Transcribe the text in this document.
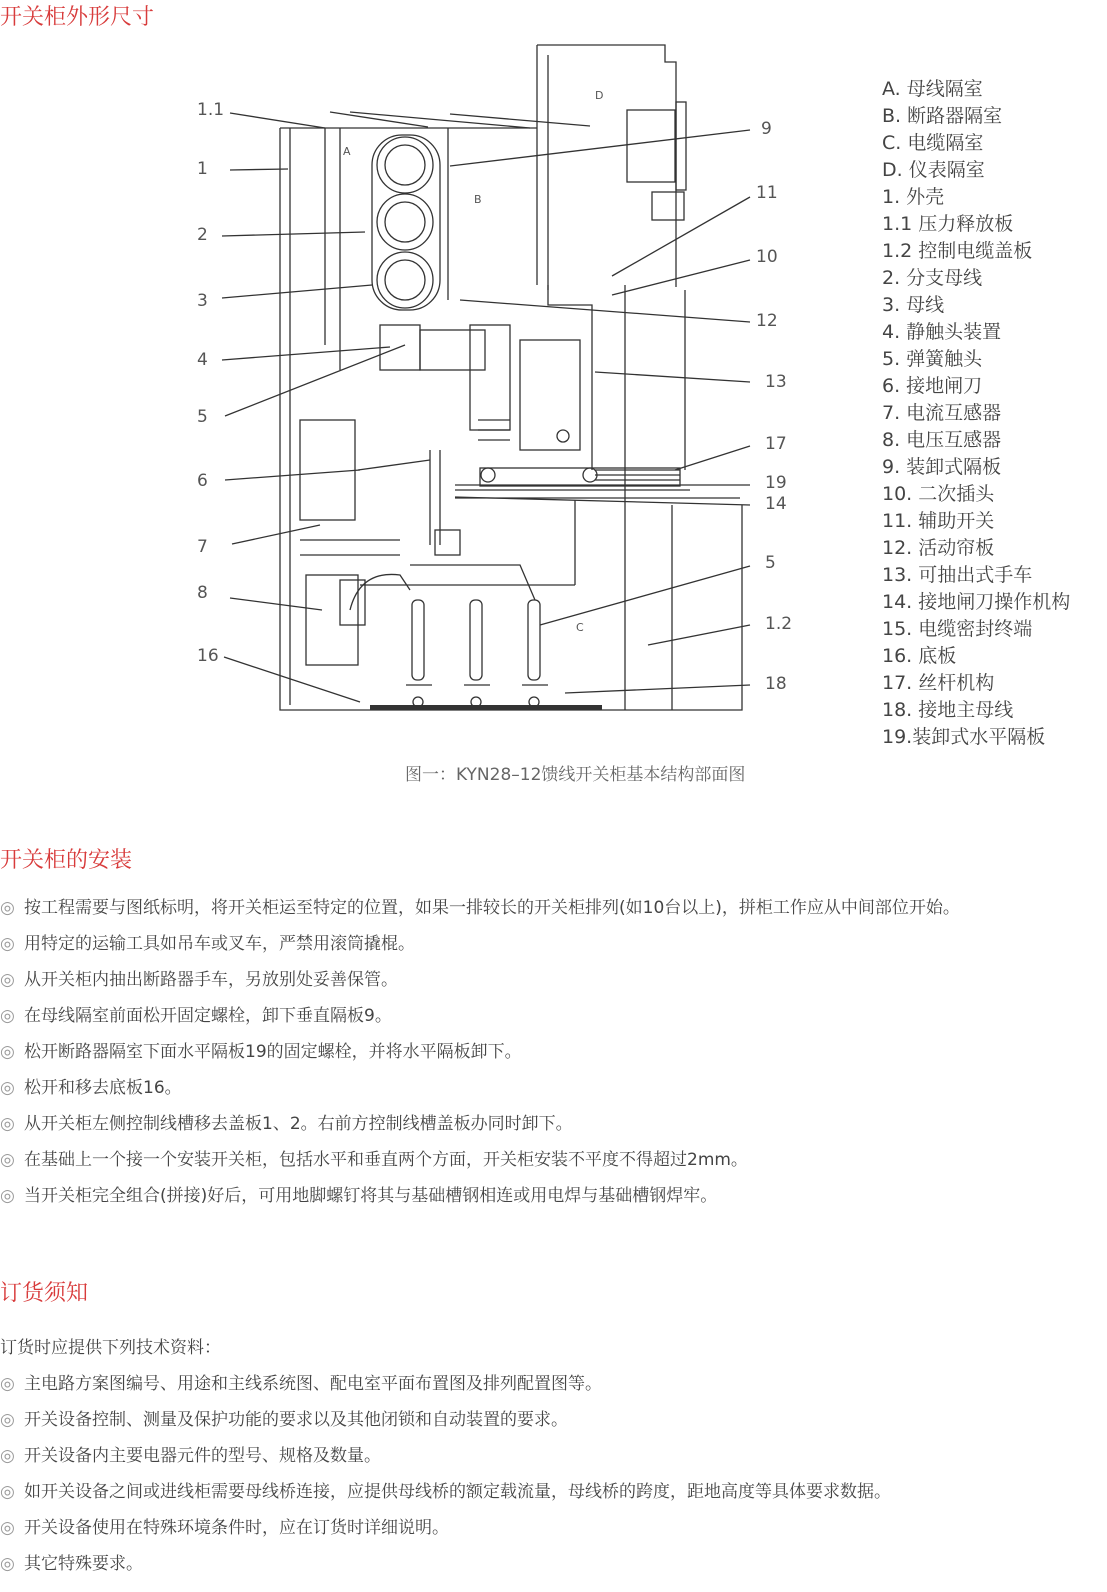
开关柜外形尺寸
A
B
C
D
1.1
1
2
3
4
5
6
7
8
16
9
11
10
12
13
17
19
14
5
1.2
18
A. 母线隔室
B. 断路器隔室
C. 电缆隔室
D. 仪表隔室
1. 外壳
1.1 压力释放板
1.2 控制电缆盖板
2. 分支母线
3. 母线
4. 静触头装置
5. 弹簧触头
6. 接地闸刀
7. 电流互感器
8. 电压互感器
9. 装卸式隔板
10. 二次插头
11. 辅助开关
12. 活动帘板
13. 可抽出式手车
14. 接地闸刀操作机构
15. 电缆密封终端
16. 底板
17. 丝杆机构
18. 接地主母线
19.装卸式水平隔板
图一：KYN28–12馈线开关柜基本结构部面图
开关柜的安装
◎ 按工程需要与图纸标明，将开关柜运至特定的位置，如果一排较长的开关柜排列(如10台以上)，拼柜工作应从中间部位开始。
◎ 用特定的运输工具如吊车或叉车，严禁用滚筒撬棍。
◎ 从开关柜内抽出断路器手车，另放别处妥善保管。
◎ 在母线隔室前面松开固定螺栓，卸下垂直隔板9。
◎ 松开断路器隔室下面水平隔板19的固定螺栓，并将水平隔板卸下。
◎ 松开和移去底板16。
◎ 从开关柜左侧控制线槽移去盖板1、2。右前方控制线槽盖板办同时卸下。
◎ 在基础上一个接一个安装开关柜，包括水平和垂直两个方面，开关柜安装不平度不得超过2mm。
◎ 当开关柜完全组合(拼接)好后，可用地脚螺钉将其与基础槽钢相连或用电焊与基础槽钢焊牢。
订货须知
订货时应提供下列技术资料：
◎ 主电路方案图编号、用途和主线系统图、配电室平面布置图及排列配置图等。
◎ 开关设备控制、测量及保护功能的要求以及其他闭锁和自动装置的要求。
◎ 开关设备内主要电器元件的型号、规格及数量。
◎ 如开关设备之间或进线柜需要母线桥连接，应提供母线桥的额定载流量，母线桥的跨度，距地高度等具体要求数据。
◎ 开关设备使用在特殊环境条件时，应在订货时详细说明。
◎ 其它特殊要求。
